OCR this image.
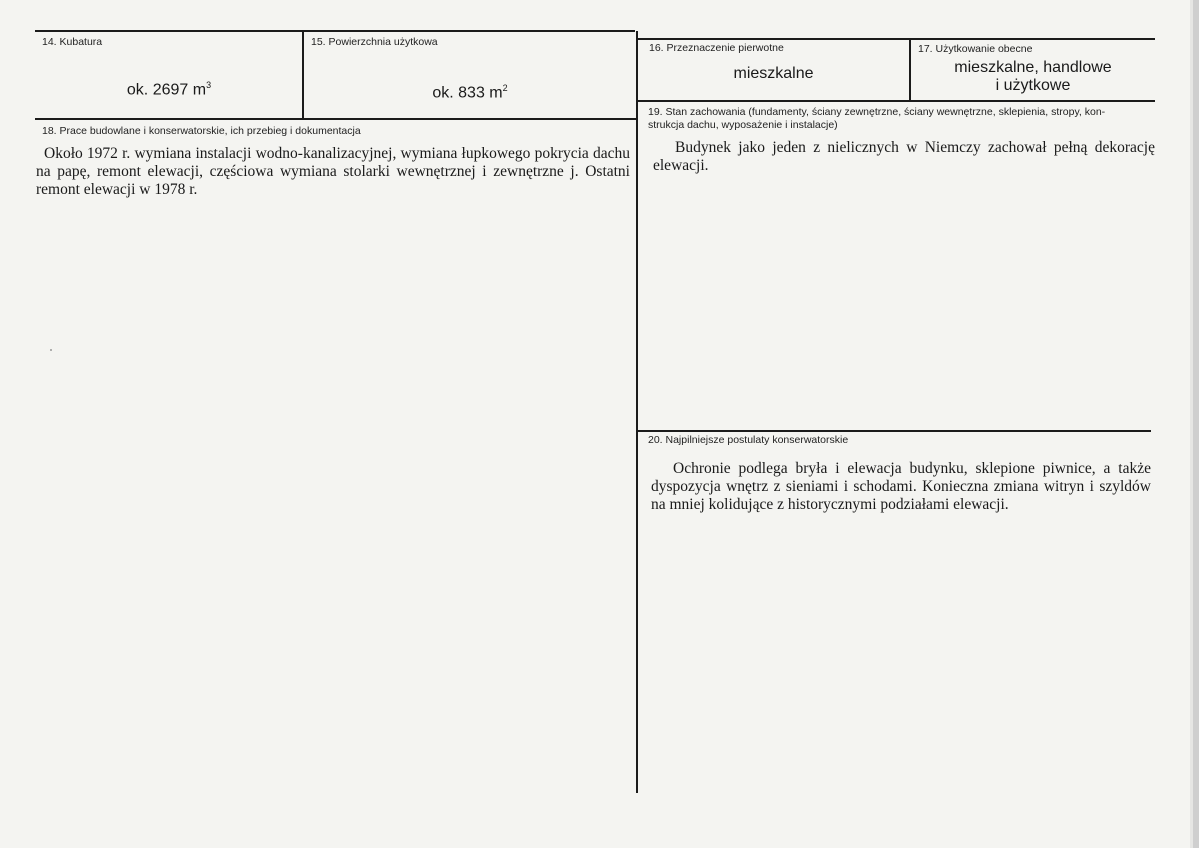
14. Kubatura
ok. 2697 $m^3$
15. Powierzchnia użytkowa
ok. 833 $m^2$
16. Przeznaczenie pierwotne
mieszkalne
17. Użytkowanie obecne
mieszkalne, handlowe
i użytkowe
18. Prace budowlane i konserwatorskie, ich przebieg i dokumentacja
Około 1972 r. wymiana instalacji wodno-kanalizacyjnej, wymiana łupkowego pokrycia dachu na papę, remont elewacji, częściowa wymiana stolarki wewnętrznej i zewnętrzne j. Ostatni remont elewacji w 1978 r.
19. Stan zachowania (fundamenty, ściany zewnętrzne, ściany wewnętrzne, sklepienia, stropy, kon-
strukcja dachu, wyposażenie i instalacje)
Budynek jako jeden z nielicznych w Niemczy zachował pełną dekorację elewacji.
20. Najpilniejsze postulaty konserwatorskie
Ochronie podlega bryła i elewacja budynku, sklepione piwnice, a także dyspozycja wnętrz z sieniami i schodami. Konieczna zmiana witryn i szyldów na mniej kolidujące z historycznymi podziałami elewacji.
